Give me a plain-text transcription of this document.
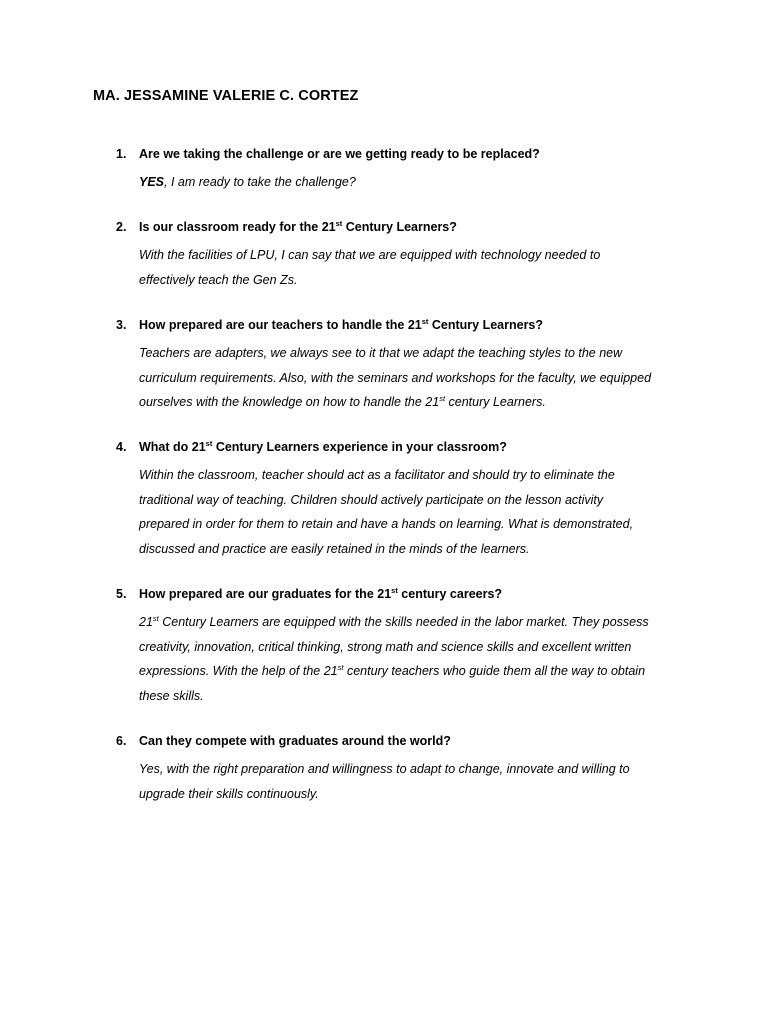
MA. JESSAMINE VALERIE C. CORTEZ
1. Are we taking the challenge or are we getting ready to be replaced?
YES, I am ready to take the challenge?
2. Is our classroom ready for the 21st Century Learners?
With the facilities of LPU, I can say that we are equipped with technology needed to
effectively teach the Gen Zs.
3. How prepared are our teachers to handle the 21st Century Learners?
Teachers are adapters, we always see to it that we adapt the teaching styles to the new
curriculum requirements. Also, with the seminars and workshops for the faculty, we equipped
ourselves with the knowledge on how to handle the 21st century Learners.
4. What do 21st Century Learners experience in your classroom?
Within the classroom, teacher should act as a facilitator and should try to eliminate the
traditional way of teaching. Children should actively participate on the lesson activity
prepared in order for them to retain and have a hands on learning. What is demonstrated,
discussed and practice are easily retained in the minds of the learners.
5. How prepared are our graduates for the 21st century careers?
21st Century Learners are equipped with the skills needed in the labor market. They possess
creativity, innovation, critical thinking, strong math and science skills and excellent written
expressions. With the help of the 21st century teachers who guide them all the way to obtain
these skills.
6. Can they compete with graduates around the world?
Yes, with the right preparation and willingness to adapt to change, innovate and willing to
upgrade their skills continuously.
